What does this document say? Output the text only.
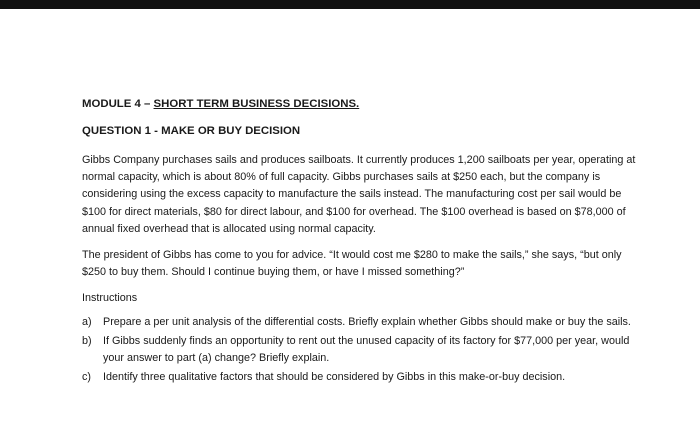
MODULE 4 – SHORT TERM BUSINESS DECISIONS.
QUESTION 1 - MAKE OR BUY DECISION

Gibbs Company purchases sails and produces sailboats. It currently produces 1,200 sailboats per year, operating at normal capacity, which is about 80% of full capacity. Gibbs purchases sails at $250 each, but the company is considering using the excess capacity to manufacture the sails instead. The manufacturing cost per sail would be $100 for direct materials, $80 for direct labour, and $100 for overhead. The $100 overhead is based on $78,000 of annual fixed overhead that is allocated using normal capacity.

The president of Gibbs has come to you for advice. “It would cost me $280 to make the sails,” she says, “but only $250 to buy them. Should I continue buying them, or have I missed something?”

Instructions
a)	Prepare a per unit analysis of the differential costs. Briefly explain whether Gibbs should make or buy the sails.
b)	If Gibbs suddenly finds an opportunity to rent out the unused capacity of its factory for $77,000 per year, would your answer to part (a) change? Briefly explain.
c)	Identify three qualitative factors that should be considered by Gibbs in this make-or-buy decision.
